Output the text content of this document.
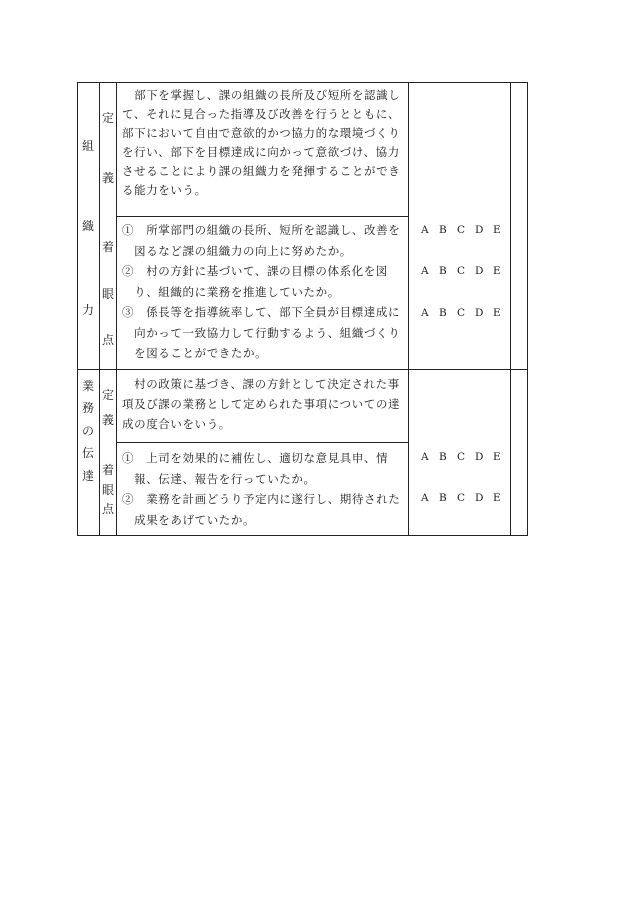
組
織
力
定
義
　部下を掌握し、課の組織の長所及び短所を認識し
て、それに見合った指導及び改善を行うとともに、
部下において自由で意欲的かつ協力的な環境づくり
を行い、部下を目標達成に向かって意欲づけ、協力
させることにより課の組織力を発揮することができ
る能力をいう。
着
眼
点
①　所掌部門の組織の長所、短所を認識し、改善を
　図るなど課の組織力の向上に努めたか。
②　村の方針に基づいて、課の目標の体系化を図
　り、組織的に業務を推進していたか。
③　係長等を指導統率して、部下全員が目標達成に
　向かって一致協力して行動するよう、組織づくり
　を図ることができたか。
A B C D E
A B C D E
A B C D E
業
務
の
伝
達
定
義
　村の政策に基づき、課の方針として決定された事
項及び課の業務として定められた事項についての達
成の度合いをいう。
着
眼
点
①　上司を効果的に補佐し、適切な意見具申、情
　報、伝達、報告を行っていたか。
②　業務を計画どうり予定内に遂行し、期待された
　成果をあげていたか。
A B C D E
A B C D E
